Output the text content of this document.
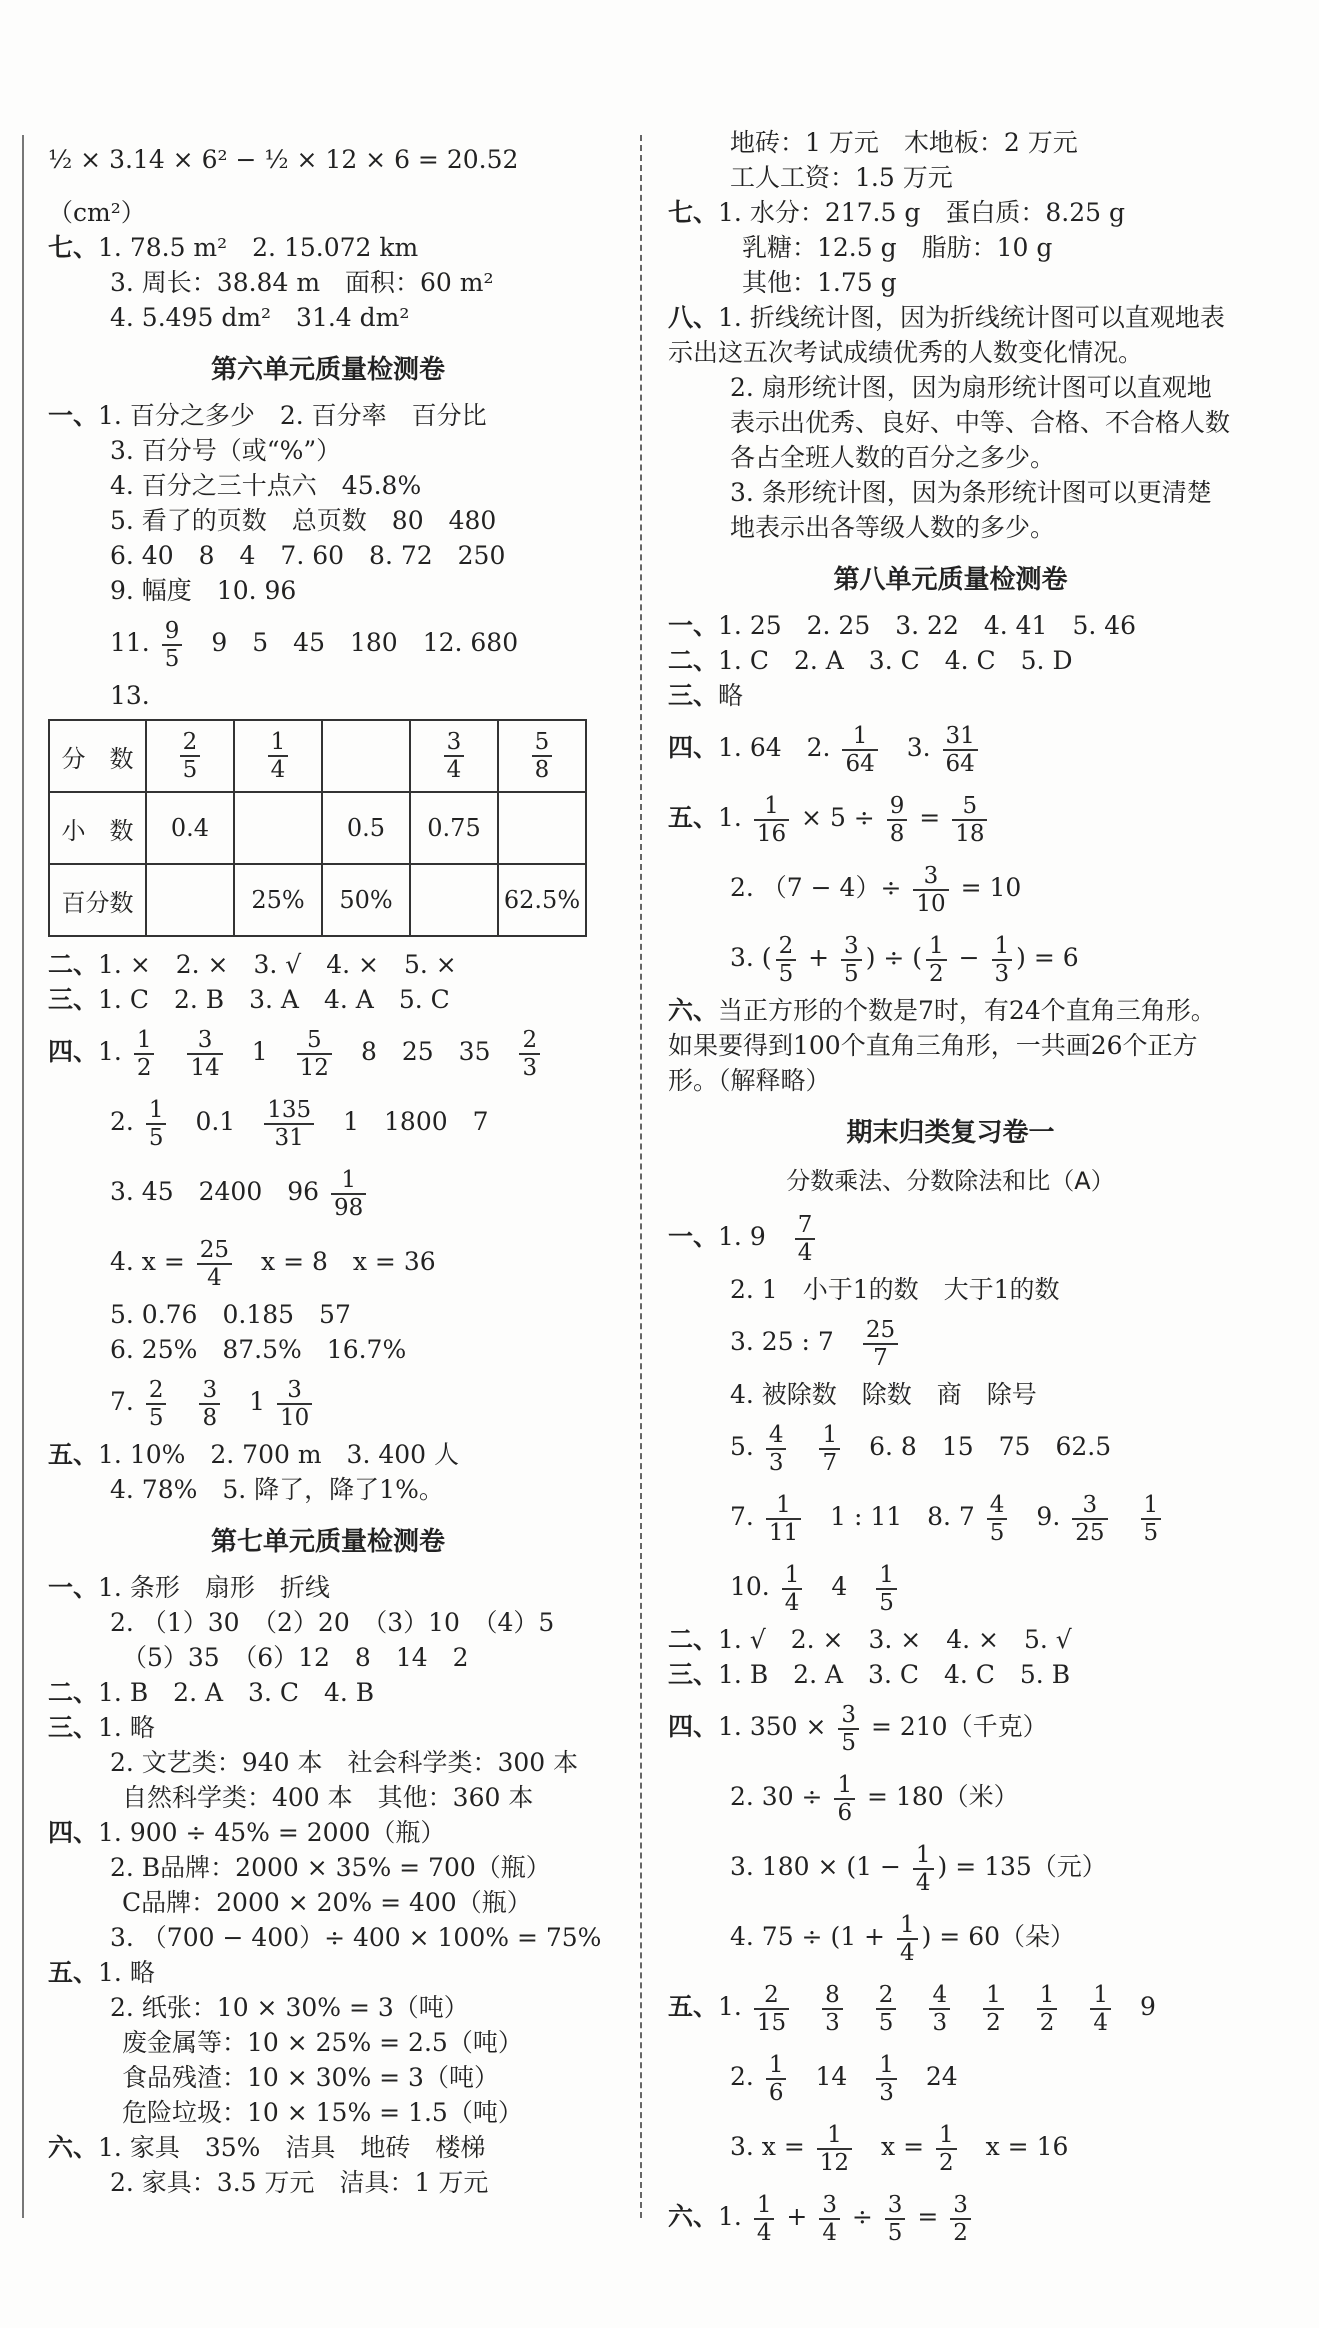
½ × 3.14 × 6² − ½ × 12 × 6 = 20.52
（cm²）
七、1. 78.5 m²　2. 15.072 km
3. 周长：38.84 m　面积：60 m²
4. 5.495 dm²　31.4 dm²
第六单元质量检测卷
一、1. 百分之多少　2. 百分率　百分比
3. 百分号（或“%”）
4. 百分之三十点六　45.8%
5. 看了的页数　总页数　80　480
6. 40　8　4　7. 60　8. 72　250
9. 幅度　10. 96
11. $\frac{9}{5}$ 　9　5　45　180　12. 680
13.
分　数	$\frac{2}{5}$	$\frac{1}{4}$		$\frac{3}{4}$	$\frac{5}{8}$

小　数	0.4		0.5	0.75	
百分数		25%	50%		62.5%
二、1. ×　2. ×　3. √　4. ×　5. ×
三、1. C　2. B　3. A　4. A　5. C
四、1. $\frac{1}{2}$
　 $\frac{3}{14}$ 　1　 $\frac{5}{12}$ 　8　25　35　 $\frac{2}{3}$
2. $\frac{1}{5}$ 　0.1　 $\frac{135}{31}$ 　1　1800　7
3. 45　2400　$96 \frac{1}{98}$
4. $x = \frac{25}{4}$ 　x = 8　x = 36
5. 0.76　0.185　57
6. 25%　87.5%　16.7%
7. $\frac{2}{5}$
　 $\frac{3}{8}$ 　$1 \frac{3}{10}$
五、1. 10%　2. 700 m　3. 400 人
4. 78%　5. 降了，降了1%。
第七单元质量检测卷
一、1. 条形　扇形　折线
2. （1）30　（2）20　（3）10　（4）5
（5）35　（6）12　8　14　2
二、1. B　2. A　3. C　4. B
三、1. 略
2. 文艺类：940 本　社会科学类：300 本
自然科学类：400 本　其他：360 本
四、1. 900 ÷ 45% = 2000（瓶）
2. B品牌：2000 × 35% = 700（瓶）
C品牌：2000 × 20% = 400（瓶）
3. （700 − 400）÷ 400 × 100% = 75%
五、1. 略
2. 纸张：10 × 30% = 3（吨）
废金属等：10 × 25% = 2.5（吨）
食品残渣：10 × 30% = 3（吨）
危险垃圾：10 × 15% = 1.5（吨）
六、1. 家具　35%　洁具　地砖　楼梯
2. 家具：3.5 万元　洁具：1 万元
地砖：1 万元　木地板：2 万元
工人工资：1.5 万元
七、1. 水分：217.5 g　蛋白质：8.25 g
乳糖：12.5 g　脂肪：10 g
其他：1.75 g
八、1. 折线统计图，因为折线统计图可以直观地表示出这五次考试成绩优秀的人数变化情况。
2. 扇形统计图，因为扇形统计图可以直观地表示出优秀、良好、中等、合格、不合格人数各占全班人数的百分之多少。
3. 条形统计图，因为条形统计图可以更清楚地表示出各等级人数的多少。
第八单元质量检测卷
一、1. 25　2. 25　3. 22　4. 41　5. 46
二、1. C　2. A　3. C　4. C　5. D
三、略
四、1. 64　2. $\frac{1}{64}$ 　3. $\frac{31}{64}$
五、1. $\frac{1}{16} \times 5 \div \frac{9}{8} = \frac{5}{18}$
2. $(7 - 4)\div \frac{3}{10} = 10$
3. ( $\frac{2}{5} + \frac{3}{5}$ ) ÷ ( $\frac{1}{2} - \frac{1}{3}$ ) = 6
六、当正方形的个数是7时，有24个直角三角形。如果要得到100个直角三角形，一共画26个正方形。（解释略）
期末归类复习卷一
分数乘法、分数除法和比（A）
一、1. 9　 $\frac{7}{4}$
2. 1　小于1的数　大于1的数
3. 25 : 7　 $\frac{25}{7}$
4. 被除数　除数　商　除号
5. $\frac{4}{3}$
　 $\frac{1}{7}$ 　6. 8　15　75　62.5
7. $\frac{1}{11}$ 　1 : 11　8. $7 \frac{4}{5}$ 　9. $\frac{3}{25}$
　 $\frac{1}{5}$
10. $\frac{1}{4}$ 　4　 $\frac{1}{5}$
二、1. √　2. ×　3. ×　4. ×　5. √
三、1. B　2. A　3. C　4. C　5. B
四、1. $350 \times \frac{3}{5} = 210$（千克）
2. $30 \div \frac{1}{6} = 180$（米）
3. $180 \times (1 - \frac{1}{4}$ ) = 135（元）
4. $75 \div (1 + \frac{1}{4}$ ) = 60（朵）
五、1. $\frac{2}{15}$
　 $\frac{8}{3}$
　 $\frac{2}{5}$
　 $\frac{4}{3}$
　 $\frac{1}{2}$
　 $\frac{1}{2}$
　 $\frac{1}{4}$ 　9
2. $\frac{1}{6}$ 　14　 $\frac{1}{3}$ 　24
3. $x = \frac{1}{12}$ 　$x = \frac{1}{2}$ 　x = 16
六、1. $\frac{1}{4} + \frac{3}{4} \div \frac{3}{5} = \frac{3}{2}$
